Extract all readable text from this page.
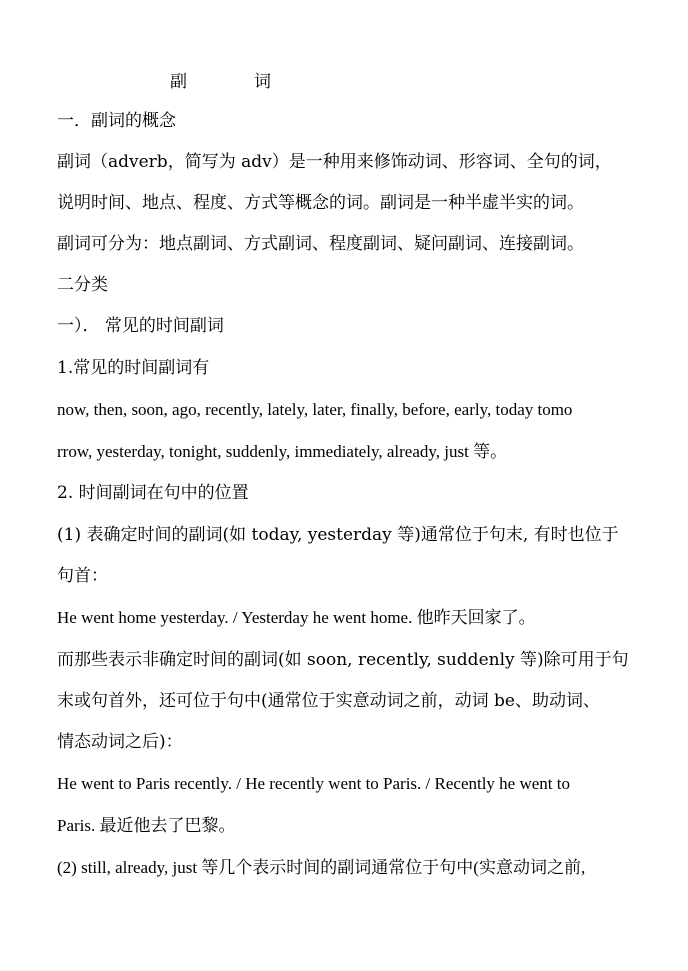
副	词
一．副词的概念
副词（adverb，简写为 adv）是一种用来修饰动词、形容词、全句的词，
说明时间、地点、程度、方式等概念的词。副词是一种半虚半实的词。
副词可分为：地点副词、方式副词、程度副词、疑问副词、连接副词。
二分类
一）． 常见的时间副词
1.常见的时间副词有
now, then, soon, ago, recently, lately, later, finally, before, early, today tomo
rrow, yesterday, tonight, suddenly, immediately, already, just 等。
2. 时间副词在句中的位置
(1) 表确定时间的副词(如 today, yesterday 等)通常位于句末, 有时也位于
句首：
He went home yesterday. / Yesterday he went home. 他昨天回家了。
而那些表示非确定时间的副词(如 soon, recently, suddenly 等)除可用于句
末或句首外，还可位于句中(通常位于实意动词之前，动词 be、助动词、
情态动词之后)：
He went to Paris recently. / He recently went to Paris. / Recently he went to
Paris. 最近他去了巴黎。
(2) still, already, just 等几个表示时间的副词通常位于句中(实意动词之前,
